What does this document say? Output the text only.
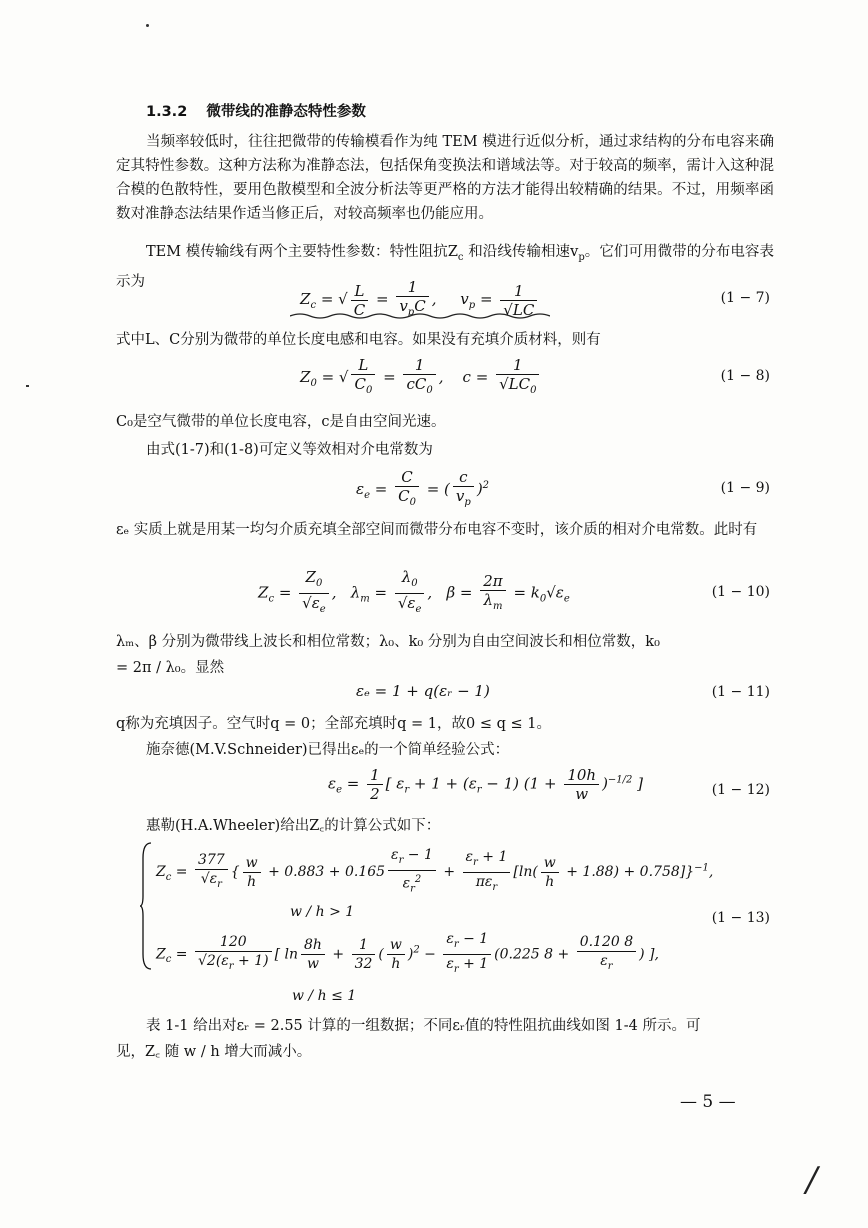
1.3.2 微带线的准静态特性参数
当频率较低时，往往把微带的传输模看作为纯 TEM 模进行近似分析，通过求结构的分布电容来确定其特性参数。这种方法称为准静态法，包括保角变换法和谱域法等。对于较高的频率，需计入这种混合模的色散特性，要用色散模型和全波分析法等更严格的方法才能得出较精确的结果。不过，用频率函数对准静态法结果作适当修正后，对较高频率也仍能应用。
TEM 模传输线有两个主要特性参数：特性阻抗$Z_c$ 和沿线传输相速$v_p$。它们可用微带的分布电容表示为
$Z_c$ = √ $\frac{L}{C} = \frac{1}{v_pC}$ ,     $v_p = \frac{1}{√LC}$	(1 − 7)
式中L、C分别为微带的单位长度电感和电容。如果没有充填介质材料，则有
$Z_0$ = √ $\frac{L}{C_0} = \frac{1}{cC_0}$ ,    $c = \frac{1}{√LC_0}$	(1 − 8)
C₀是空气微带的单位长度电容，c是自由空间光速。
由式(1-7)和(1-8)可定义等效相对介电常数为
$\varepsilon_e = \frac{C}{C_0}$ = ( $\frac{c}{v_p} )^2$	(1 − 9)
εₑ 实质上就是用某一均匀介质充填全部空间而微带分布电容不变时，该介质的相对介电常数。此时有
$Z_c = \frac{Z_0}{√\varepsilon_e}$ ,   $\lambda_m = \frac{\lambda_0}{√\varepsilon_e}$ ,   $\beta = \frac{2\pi}{\lambda_m} = k_0√\varepsilon_e$	(1 − 10)
λₘ、β 分别为微带线上波长和相位常数；λ₀、k₀ 分别为自由空间波长和相位常数，k₀
= 2π / λ₀。显然
εₑ = 1 + q(εᵣ − 1)	(1 − 11)
q称为充填因子。空气时q = 0；全部充填时q = 1，故0 ≤ q ≤ 1。
施奈德(M.V.Schneider)已得出εₑ的一个简单经验公式：
$\varepsilon_e = \frac{1}{2}$ [ $\varepsilon_r + 1 + (\varepsilon_r - 1) (1 + \frac{10h}{w} )^{-1/2}$ ]	(1 − 12)
惠勒(H.A.Wheeler)给出Z꜀的计算公式如下：
$Z_c = \frac{377}{√\varepsilon_r}$ { $\frac{w}{h} + 0.883 + 0.165 \frac{\varepsilon_r - 1}{\varepsilon_r^2} + \frac{\varepsilon_r + 1}{\pi\varepsilon_r} [\ln( \frac{w}{h} + 1.88) + 0.758]\}^{-1}$,
w / h > 1	(1 − 13)
$Z_c = \frac{120}{√2(\varepsilon_r + 1)}$ [ $\ln \frac{8h}{w} + \frac{1}{32}$ ( $\frac{w}{h} )^2 - \frac{\varepsilon_r - 1}{\varepsilon_r + 1} (0.225$ $8 + \frac{0.120 8}{\varepsilon_r}$ ) ],
w / h ≤ 1
表 1-1 给出对εᵣ = 2.55 计算的一组数据；不同εᵣ值的特性阻抗曲线如图 1-4 所示。可
见，Z꜀ 随 w / h 增大而减小。
— 5 —
/
